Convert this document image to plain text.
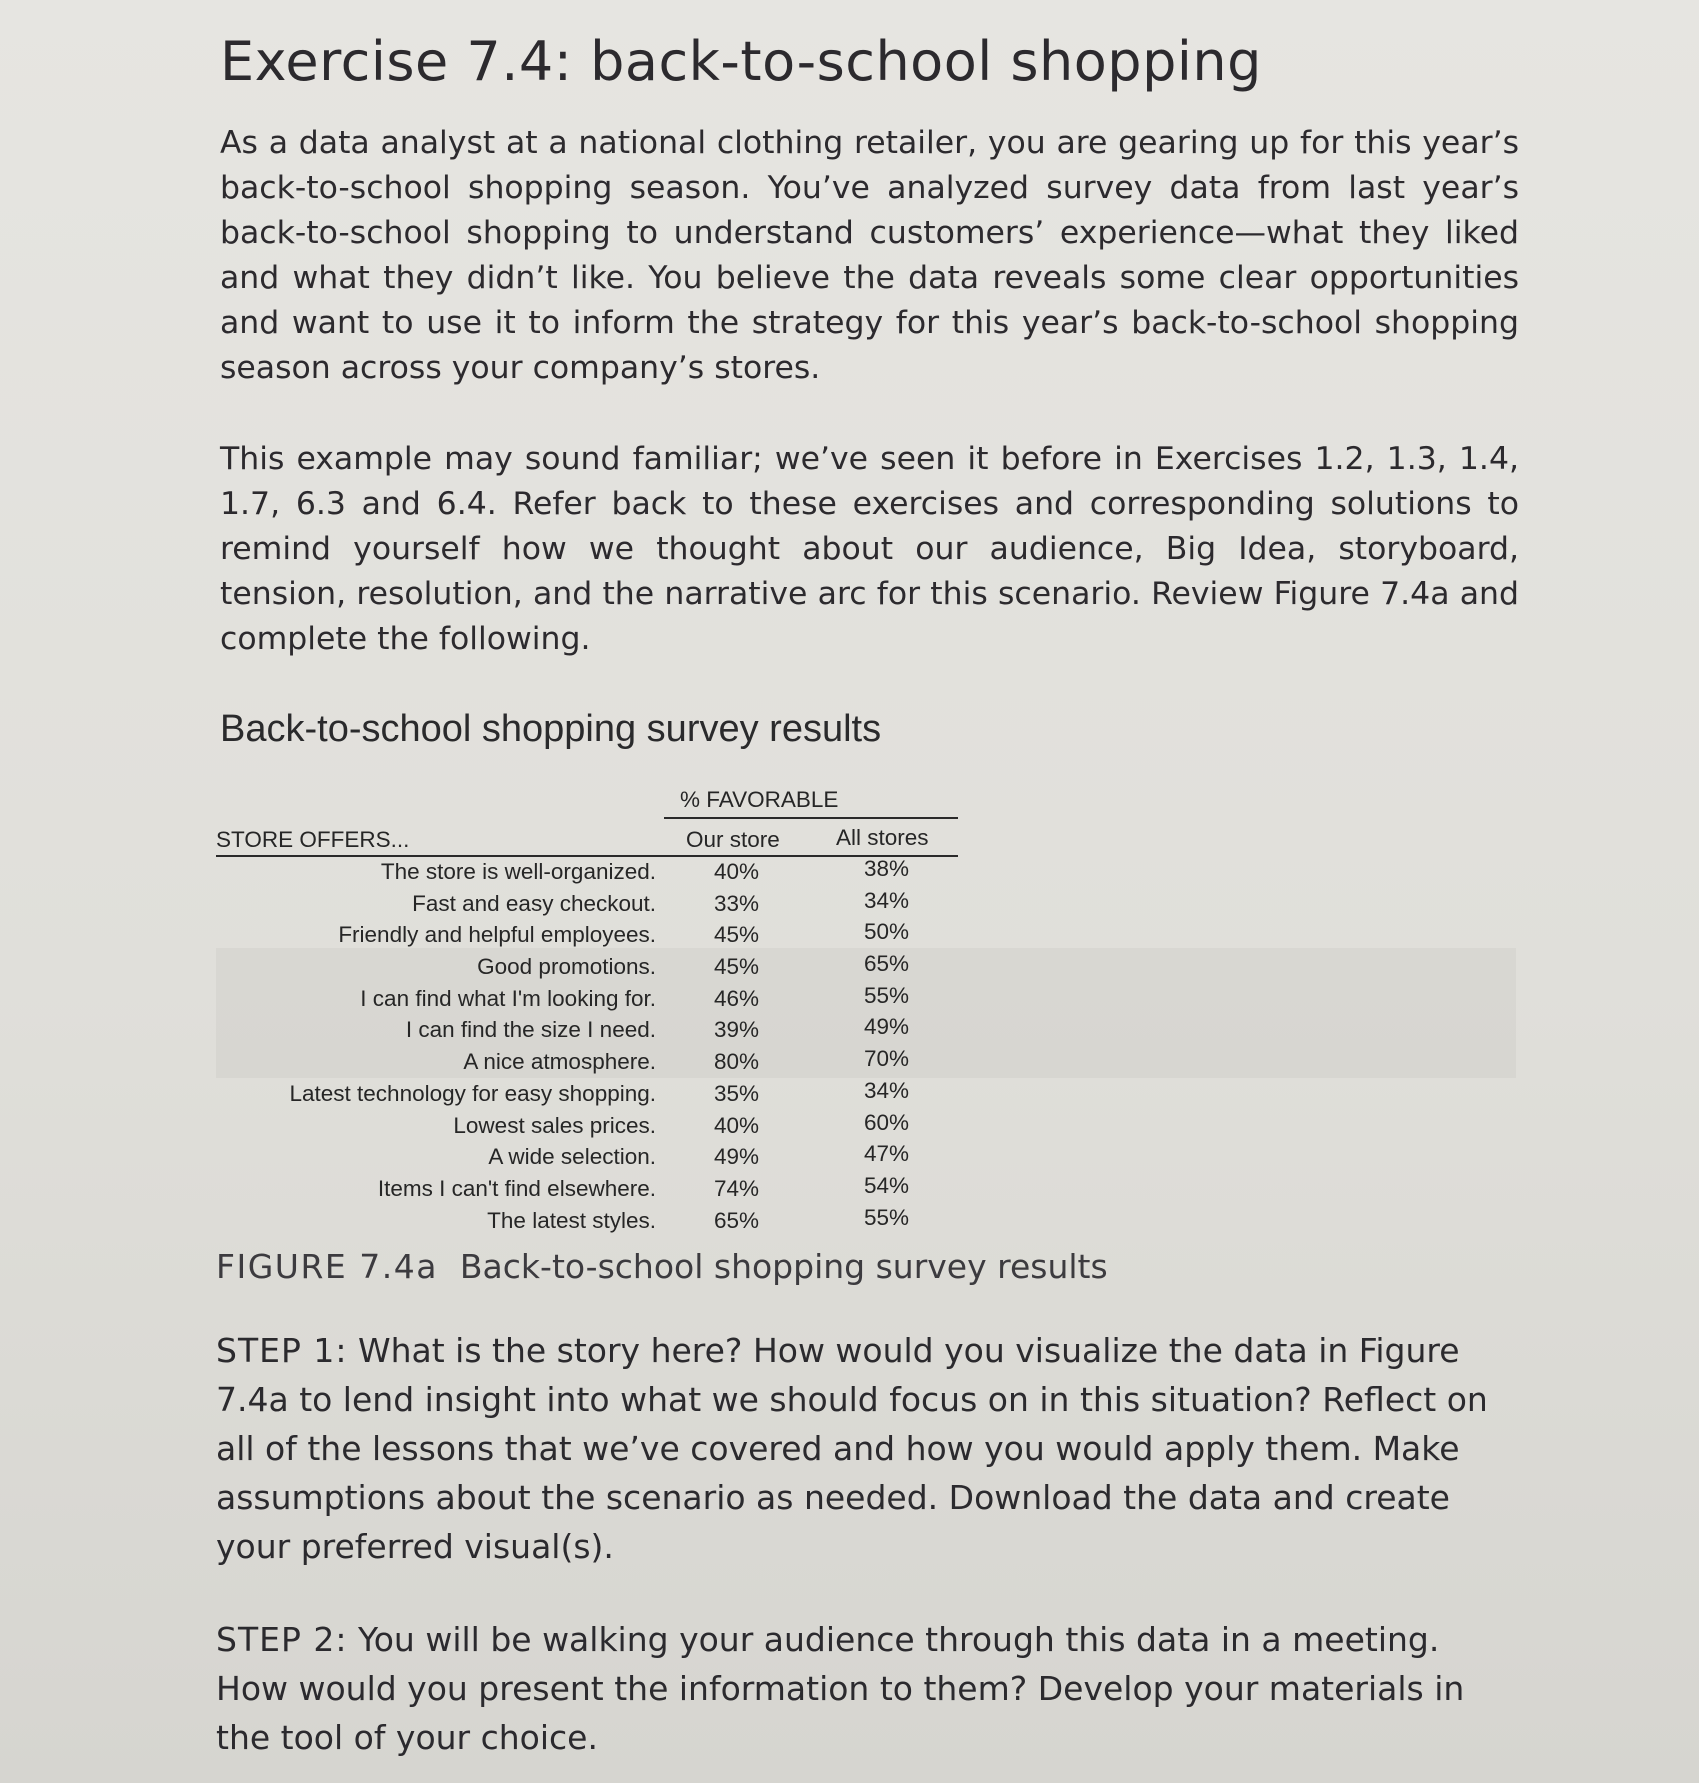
Exercise 7.4: back-to-school shopping

As a data analyst at a national clothing retailer, you are gearing up for this year’s back-to-school shopping season. You’ve analyzed survey data from last year’s back-to-school shopping to understand customers’ experience—what they liked and what they didn’t like. You believe the data reveals some clear opportunities and want to use it to inform the strategy for this year’s back-to-school shopping season across your company’s stores.

This example may sound familiar; we’ve seen it before in Exercises 1.2, 1.3, 1.4, 1.7, 6.3 and 6.4. Refer back to these exercises and corresponding solutions to remind yourself how we thought about our audience, Big Idea, storyboard, tension, resolution, and the narrative arc for this scenario. Review Figure 7.4a and complete the following.

Back-to-school shopping survey results
% FAVORABLE
STORE OFFERS...	Our store All stores
The store is well-organized.	40%	38%
Fast and easy checkout.	33%	34%
Friendly and helpful employees.	45%	50%
Good promotions.	45%	65%
I can find what I'm looking for.	46%	55%
I can find the size I need.	39%	49%
A nice atmosphere.	80%	70%
Latest technology for easy shopping.	35%	34%
Lowest sales prices.	40%	60%
A wide selection.	49%	47%
Items I can't find elsewhere.	74%	54%
The latest styles.	65%	55%
FIGURE 7.4a Back-to-school shopping survey results

STEP 1: What is the story here? How would you visualize the data in Figure 7.4a to lend insight into what we should focus on in this situation? Reflect on all of the lessons that we’ve covered and how you would apply them. Make assumptions about the scenario as needed. Download the data and create your preferred visual(s).

STEP 2: You will be walking your audience through this data in a meeting. How would you present the information to them? Develop your materials in the tool of your choice.
